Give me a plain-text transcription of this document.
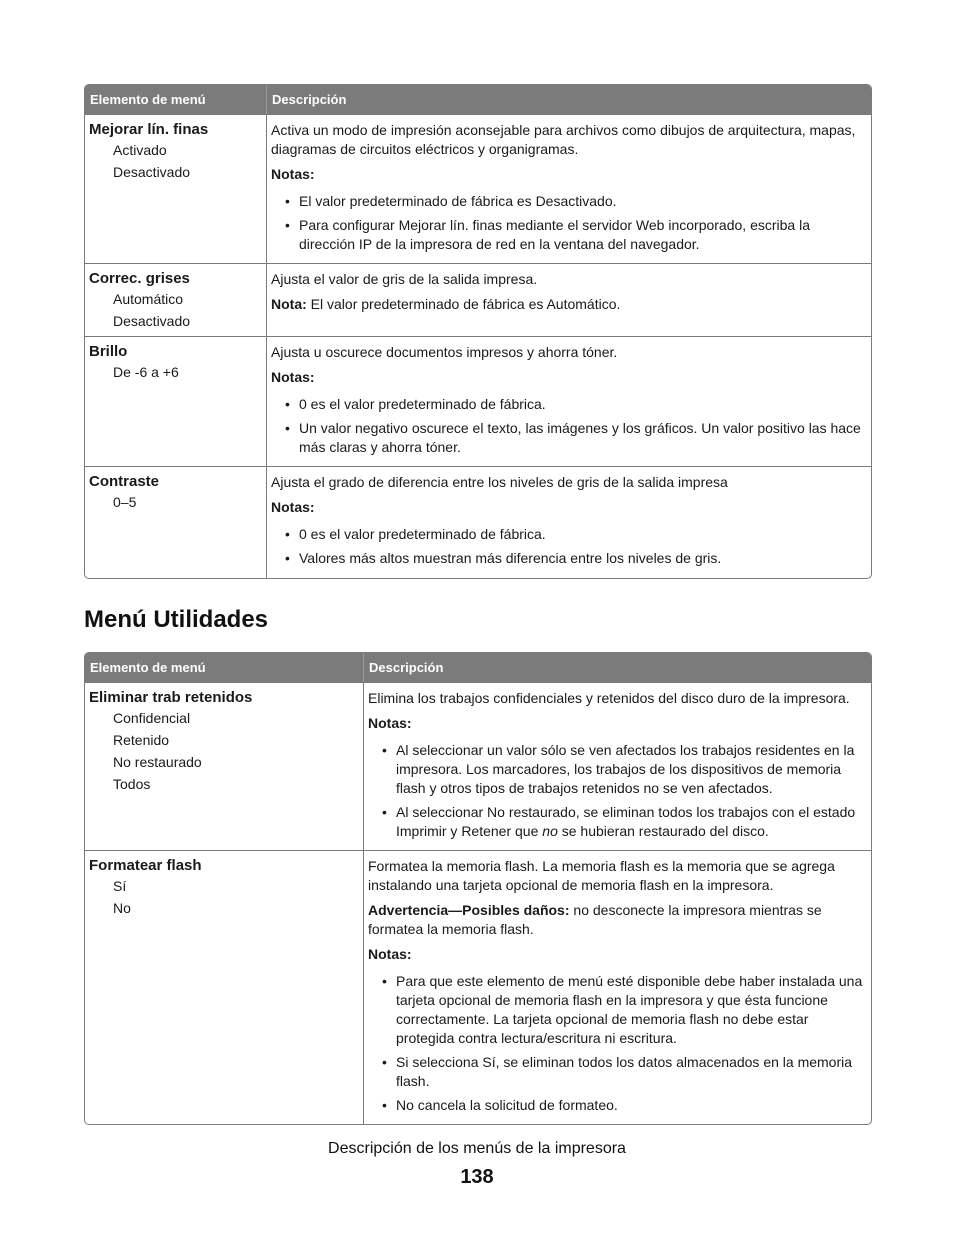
Elemento de menú	Descripción
Mejorar lín. finas
Activado
Desactivado

Activa un modo de impresión aconsejable para archivos como dibujos de arquitectura, mapas, diagramas de circuitos eléctricos y organigramas.

Notas:
• El valor predeterminado de fábrica es Desactivado.
• Para configurar Mejorar lín. finas mediante el servidor Web incorporado, escriba la dirección IP de la impresora de red en la ventana del navegador.
Correc. grises
Automático
Desactivado

Ajusta el valor de gris de la salida impresa.

Nota: El valor predeterminado de fábrica es Automático.

Brillo
De -6 a +6

Ajusta u oscurece documentos impresos y ahorra tóner.

Notas:
• 0 es el valor predeterminado de fábrica.
• Un valor negativo oscurece el texto, las imágenes y los gráficos. Un valor positivo las hace más claras y ahorra tóner.
Contraste
0–5

Ajusta el grado de diferencia entre los niveles de gris de la salida impresa

Notas:
• 0 es el valor predeterminado de fábrica.
• Valores más altos muestran más diferencia entre los niveles de gris.
Menú Utilidades
Elemento de menú	Descripción
Eliminar trab retenidos
Confidencial
Retenido
No restaurado
Todos

Elimina los trabajos confidenciales y retenidos del disco duro de la impresora.

Notas:
• Al seleccionar un valor sólo se ven afectados los trabajos residentes en la impresora. Los marcadores, los trabajos de los dispositivos de memoria flash y otros tipos de trabajos retenidos no se ven afectados.
• Al seleccionar No restaurado, se eliminan todos los trabajos con el estado Imprimir y Retener que no se hubieran restaurado del disco.
Formatear flash
Sí
No

Formatea la memoria flash. La memoria flash es la memoria que se agrega instalando una tarjeta opcional de memoria flash en la impresora.

Advertencia—Posibles daños: no desconecte la impresora mientras se formatea la memoria flash.

Notas:
• Para que este elemento de menú esté disponible debe haber instalada una tarjeta opcional de memoria flash en la impresora y que ésta funcione correctamente. La tarjeta opcional de memoria flash no debe estar protegida contra lectura/escritura ni escritura.
• Si selecciona Sí, se eliminan todos los datos almacenados en la memoria flash.
• No cancela la solicitud de formateo.
Descripción de los menús de la impresora
138
